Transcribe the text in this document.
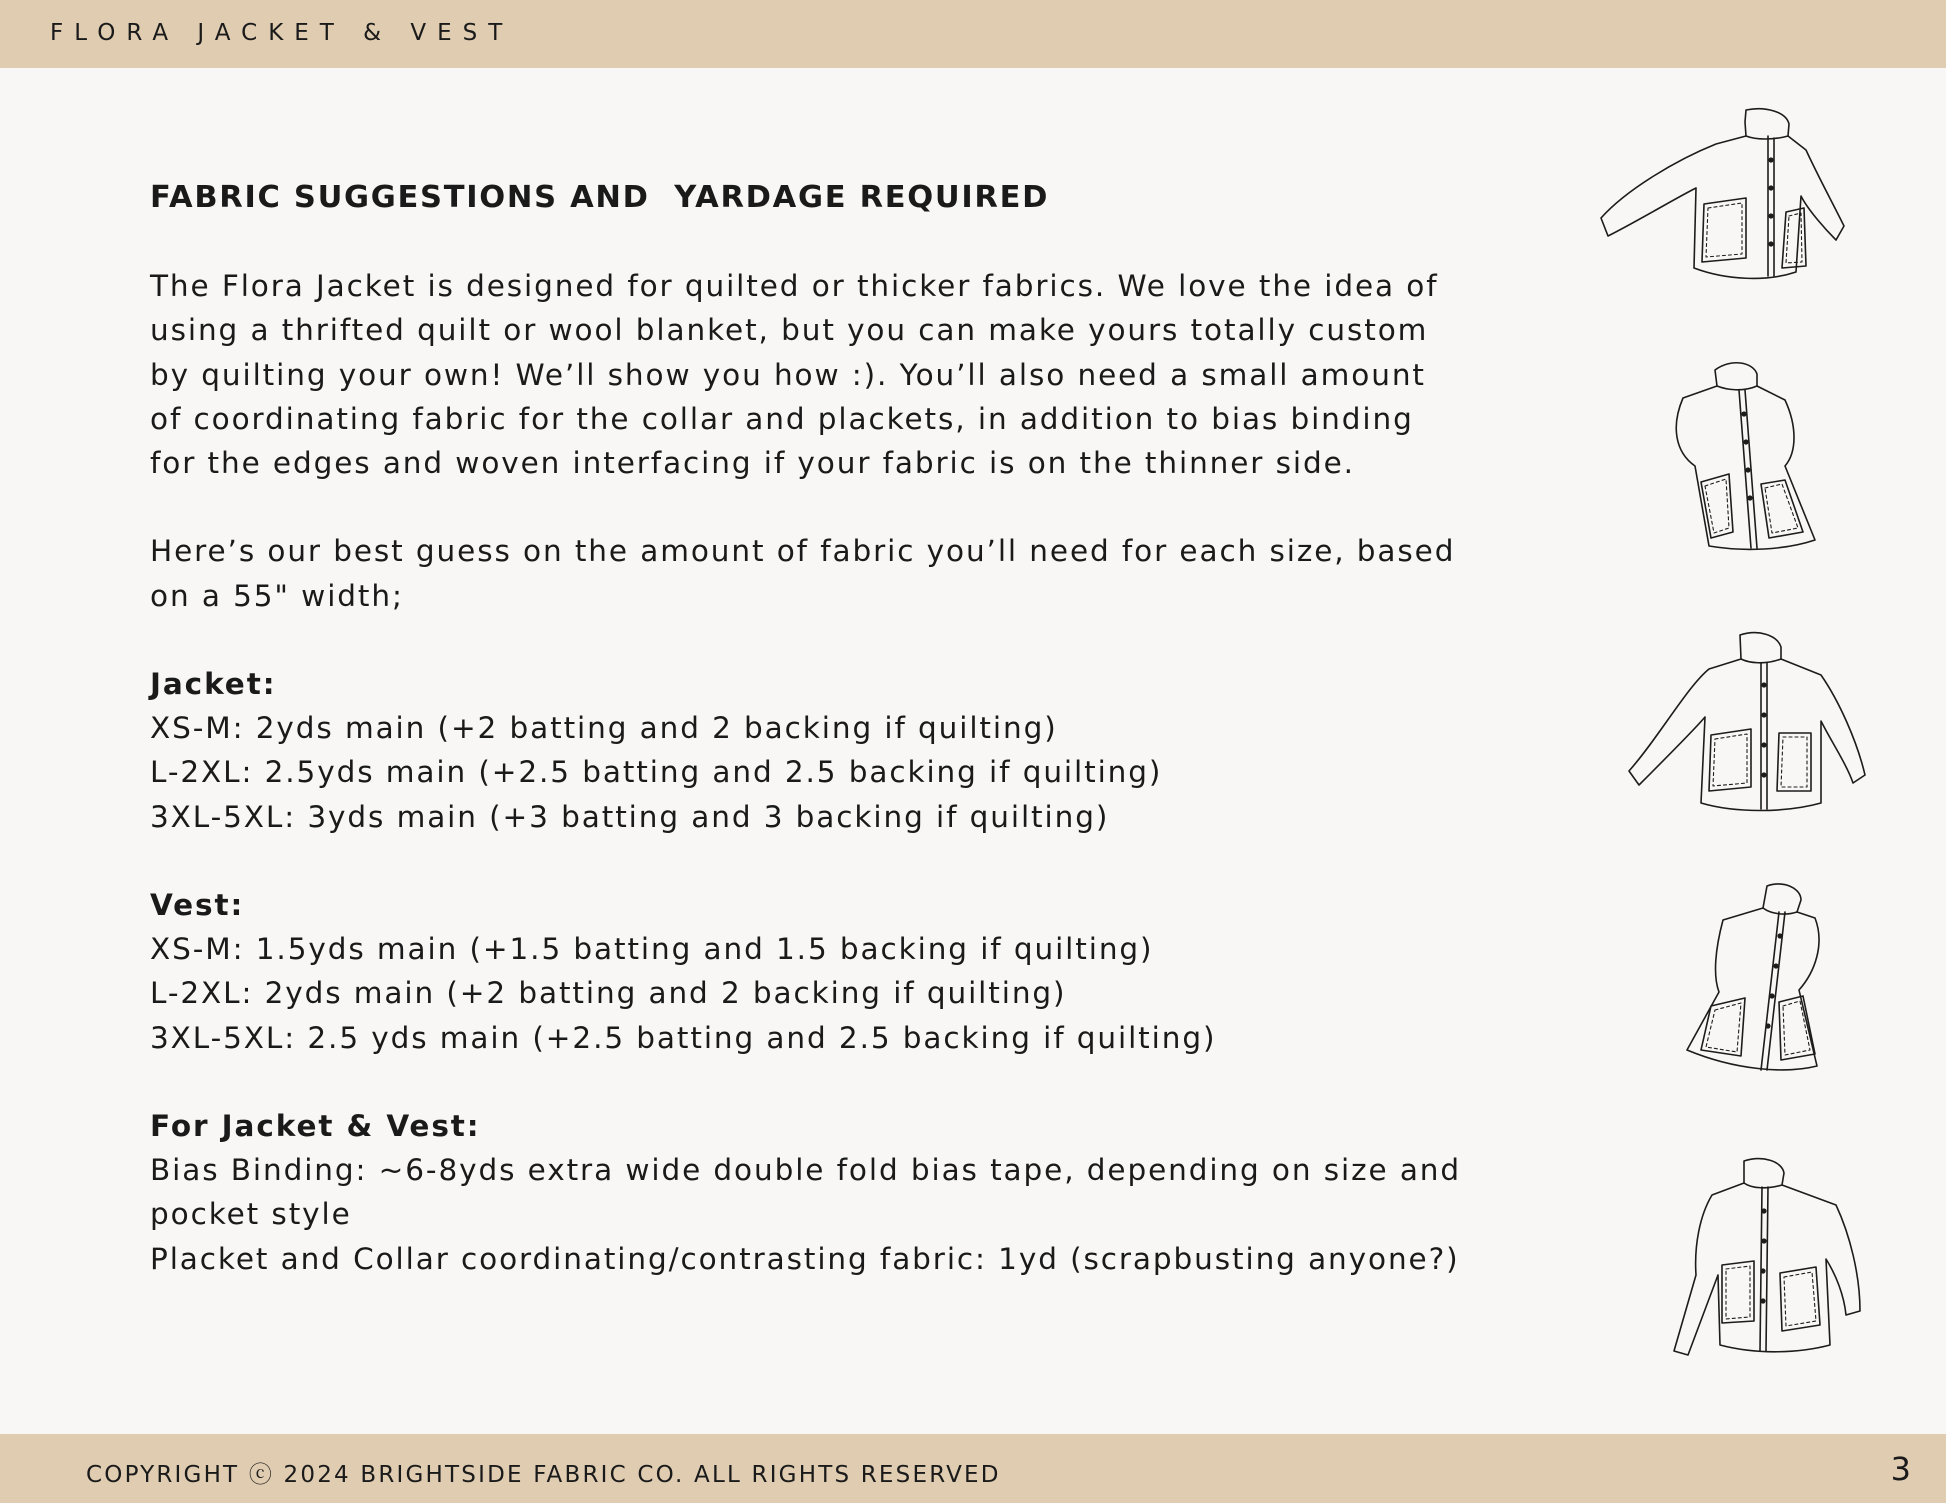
FLORA JACKET & VEST

FABRIC SUGGESTIONS AND  YARDAGE REQUIRED

The Flora Jacket is designed for quilted or thicker fabrics. We love the idea of

using a thrifted quilt or wool blanket, but you can make yours totally custom

by quilting your own! We’ll show you how :). You’ll also need a small amount

of coordinating fabric for the collar and plackets, in addition to bias binding

for the edges and woven interfacing if your fabric is on the thinner side.

Here’s our best guess on the amount of fabric you’ll need for each size, based

on a 55" width;

Jacket:

XS-M: 2yds main (+2 batting and 2 backing if quilting)

L-2XL: 2.5yds main (+2.5 batting and 2.5 backing if quilting)

3XL-5XL: 3yds main (+3 batting and 3 backing if quilting)

Vest:

XS-M: 1.5yds main (+1.5 batting and 1.5 backing if quilting)

L-2XL: 2yds main (+2 batting and 2 backing if quilting)

3XL-5XL: 2.5 yds main (+2.5 batting and 2.5 backing if quilting)

For Jacket & Vest:

Bias Binding: ~6-8yds extra wide double fold bias tape, depending on size and

pocket style

Placket and Collar coordinating/contrasting fabric: 1yd (scrapbusting anyone?)

COPYRIGHT ⓒ 2024 BRIGHTSIDE FABRIC CO. ALL RIGHTS RESERVED	3
